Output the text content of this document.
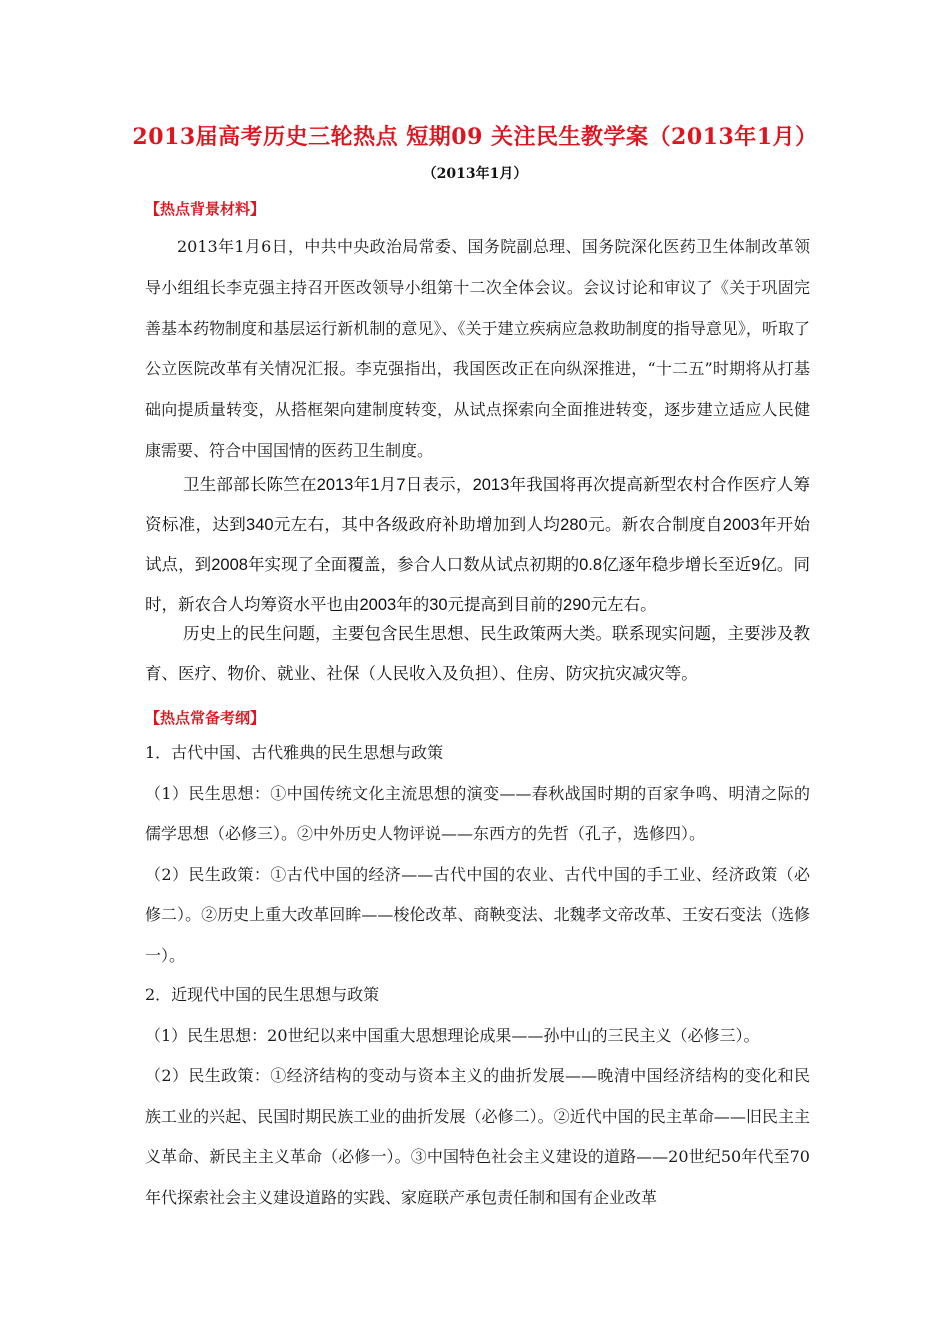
2013届高考历史三轮热点 短期09 关注民生教学案（2013年1月）
（2013年1月）
【热点背景材料】
2013年1月6日，中共中央政治局常委、国务院副总理、国务院深化医药卫生体制改革领导小组组长李克强主持召开医改领导小组第十二次全体会议。会议讨论和审议了《关于巩固完善基本药物制度和基层运行新机制的意见》、《关于建立疾病应急救助制度的指导意见》，听取了公立医院改革有关情况汇报。李克强指出，我国医改正在向纵深推进，“十二五”时期将从打基础向提质量转变，从搭框架向建制度转变，从试点探索向全面推进转变，逐步建立适应人民健康需要、符合中国国情的医药卫生制度。
卫生部部长陈竺在2013年1月7日表示，2013年我国将再次提高新型农村合作医疗人筹资标准，达到340元左右，其中各级政府补助增加到人均280元。新农合制度自2003年开始试点，到2008年实现了全面覆盖，参合人口数从试点初期的0.8亿逐年稳步增长至近9亿。同时，新农合人均筹资水平也由2003年的30元提高到目前的290元左右。
历史上的民生问题，主要包含民生思想、民生政策两大类。联系现实问题，主要涉及教育、医疗、物价、就业、社保（人民收入及负担）、住房、防灾抗灾减灾等。
【热点常备考纲】
1．古代中国、古代雅典的民生思想与政策
（1）民生思想：①中国传统文化主流思想的演变——春秋战国时期的百家争鸣、明清之际的儒学思想（必修三）。②中外历史人物评说——东西方的先哲（孔子，选修四）。
（2）民生政策：①古代中国的经济——古代中国的农业、古代中国的手工业、经济政策（必修二）。②历史上重大改革回眸——梭伦改革、商鞅变法、北魏孝文帝改革、王安石变法（选修一）。
2．近现代中国的民生思想与政策
（1）民生思想：20世纪以来中国重大思想理论成果——孙中山的三民主义（必修三）。
（2）民生政策：①经济结构的变动与资本主义的曲折发展——晚清中国经济结构的变化和民族工业的兴起、民国时期民族工业的曲折发展（必修二）。②近代中国的民主革命——旧民主主义革命、新民主主义革命（必修一）。③中国特色社会主义建设的道路——20世纪50年代至70年代探索社会主义建设道路的实践、家庭联产承包责任制和国有企业改革
